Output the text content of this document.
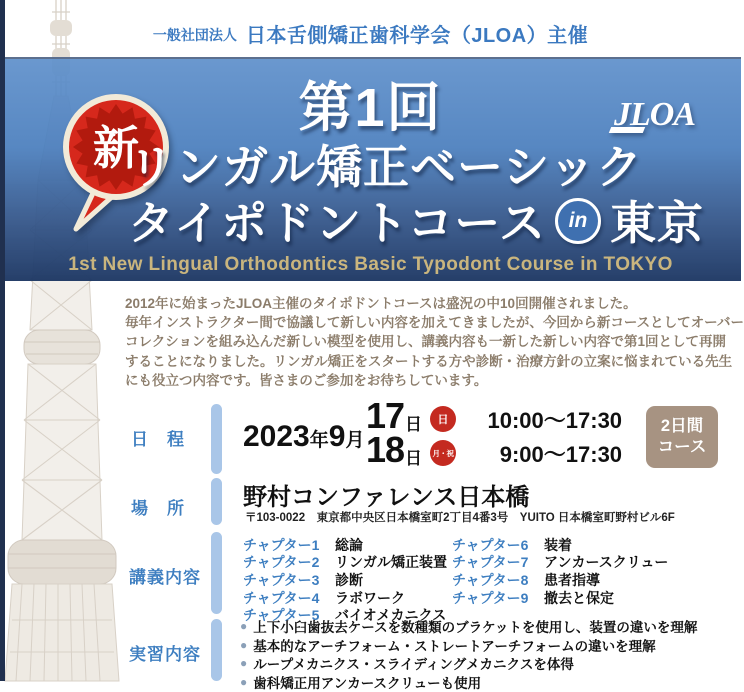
一般社団法人 日本舌側矯正歯科学会（JLOA）主催
第1回	JLOA
新
リンガル矯正ベーシック
タイポドントコース	in 東京
1st New Lingual Orthodontics Basic Typodont Course in TOKYO
2012年に始まったJLOA主催のタイポドントコースは盛況の中10回開催されました。
毎年インストラクター間で協議して新しい内容を加えてきましたが、今回から新コースとしてオーバー
コレクションを組み込んだ新しい模型を使用し、講義内容も一新した新しい内容で第1回として再開
することになりました。リンガル矯正をスタートする方や診断・治療方針の立案に悩まれている先生
にも役立つ内容です。皆さまのご参加をお待ちしています。
日　程 2023 年 9 月
17 日	日	10:00～17:30
18 日	月・祝	9:00～17:30
2日間
コース
場　所 野村コンファレンス日本橋
〒103-0022　東京都中央区日本橋室町2丁目4番3号　YUITO 日本橋室町野村ビル6F
講義内容
チャプター1	総論
チャプター2	リンガル矯正装置
チャプター3	診断
チャプター4	ラボワーク
チャプター5	バイオメカニクス
チャプター6	装着
チャプター7	アンカースクリュー
チャプター8	患者指導
チャプター9	撤去と保定
実習内容
● 上下小臼歯抜去ケースを数種類のブラケットを使用し、装置の違いを理解
● 基本的なアーチフォーム・ストレートアーチフォームの違いを理解
● ループメカニクス・スライディングメカニクスを体得
● 歯科矯正用アンカースクリューも使用
